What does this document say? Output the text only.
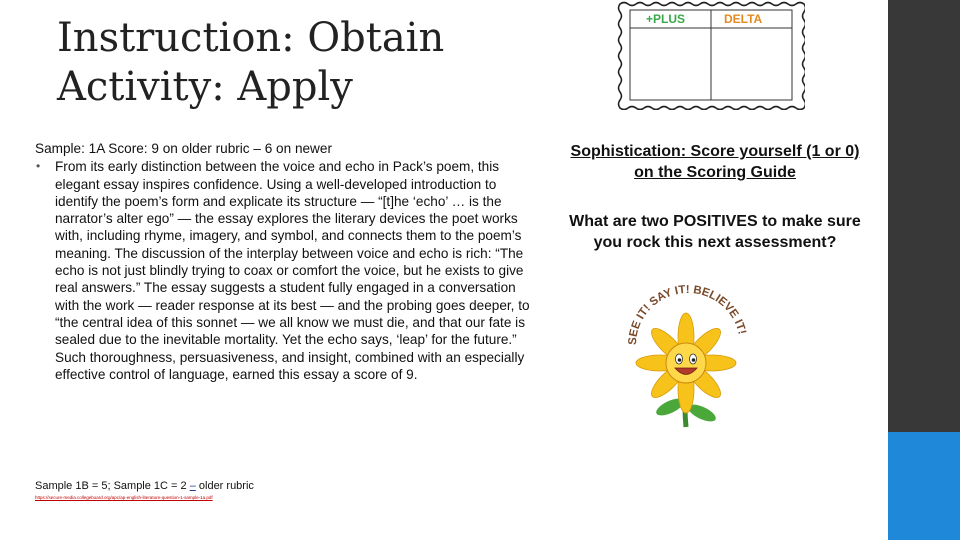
Instruction: Obtain
Activity: Apply

Sample: 1A Score: 9 on older rubric – 6 on newer

•	From its early distinction between the voice and echo in Pack’s poem, this elegant essay inspires confidence. Using a well-developed introduction to identify the poem’s form and explicate its structure — “[t]he ‘echo’ … is the narrator’s alter ego” — the essay explores the literary devices the poet works with, including rhyme, imagery, and symbol, and connects them to the poem’s meaning. The discussion of the interplay between voice and echo is rich: “The echo is not just blindly trying to coax or comfort the voice, but he exists to give real answers.” The essay suggests a student fully engaged in a conversation with the work — reader response at its best — and the probing goes deeper, to “the central idea of this sonnet — we all know we must die, and that our fate is sealed due to the inevitable mortality. Yet the echo says, ‘leap’ for the future.” Such thoroughness, persuasiveness, and insight, combined with an especially effective control of language, earned this essay a score of 9.
Sample 1B = 5; Sample 1C = 2 – older rubric
https://secure-media.collegeboard.org/apc/ap-english-literature-question-1-sample-1a.pdf
Sophistication: Score yourself (1 or 0)
on the Scoring Guide
What are two POSITIVES to make sure
you rock this next assessment?
+PLUS	DELTA
SEE IT! SAY IT! BELIEVE IT!
